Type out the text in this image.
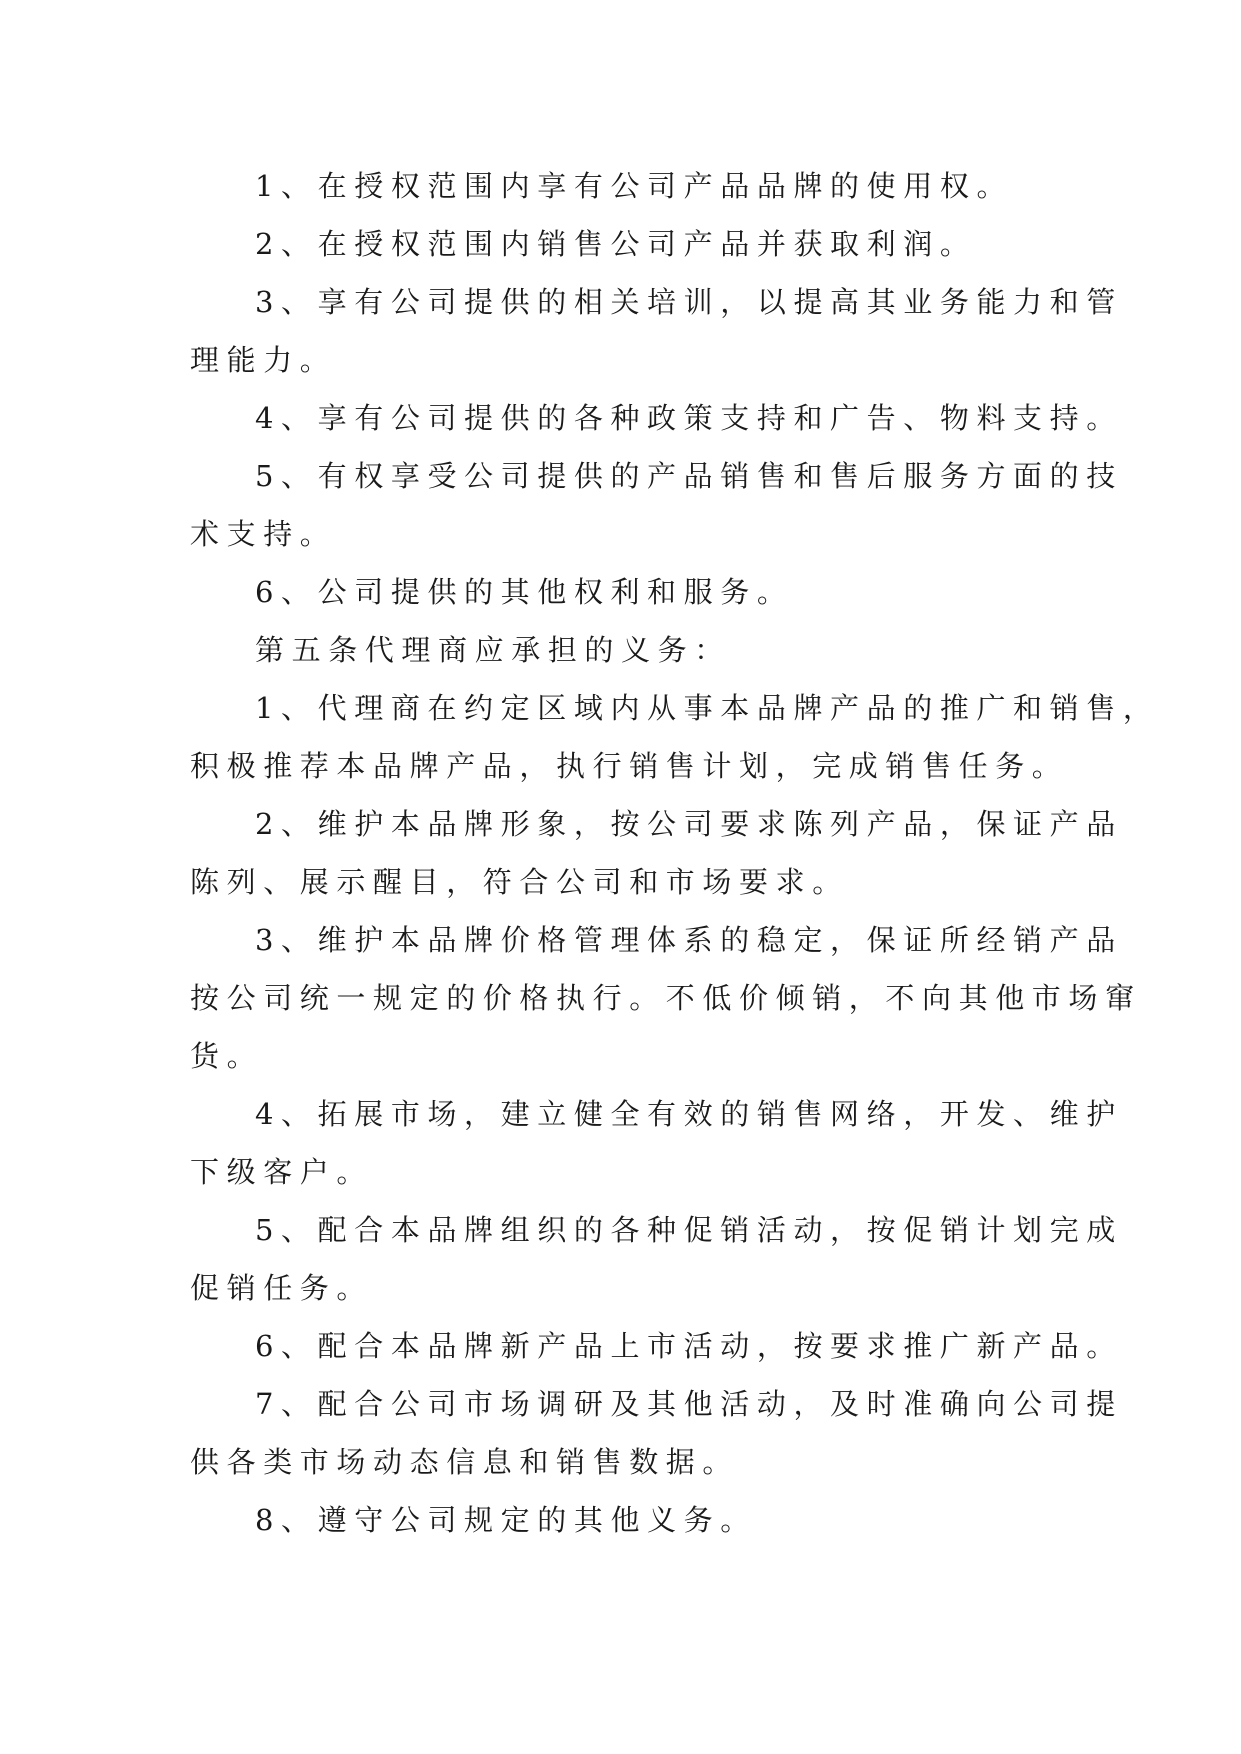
1、在授权范围内享有公司产品品牌的使用权。
2、在授权范围内销售公司产品并获取利润。
3、享有公司提供的相关培训，以提高其业务能力和管
理能力。
4、享有公司提供的各种政策支持和广告、物料支持。
5、有权享受公司提供的产品销售和售后服务方面的技
术支持。
6、公司提供的其他权利和服务。
第五条代理商应承担的义务：
1、代理商在约定区域内从事本品牌产品的推广和销售，
积极推荐本品牌产品，执行销售计划，完成销售任务。
2、维护本品牌形象，按公司要求陈列产品，保证产品
陈列、展示醒目，符合公司和市场要求。
3、维护本品牌价格管理体系的稳定，保证所经销产品
按公司统一规定的价格执行。不低价倾销，不向其他市场窜
货。
4、拓展市场，建立健全有效的销售网络，开发、维护
下级客户。
5、配合本品牌组织的各种促销活动，按促销计划完成
促销任务。
6、配合本品牌新产品上市活动，按要求推广新产品。
7、配合公司市场调研及其他活动，及时准确向公司提
供各类市场动态信息和销售数据。
8、遵守公司规定的其他义务。
